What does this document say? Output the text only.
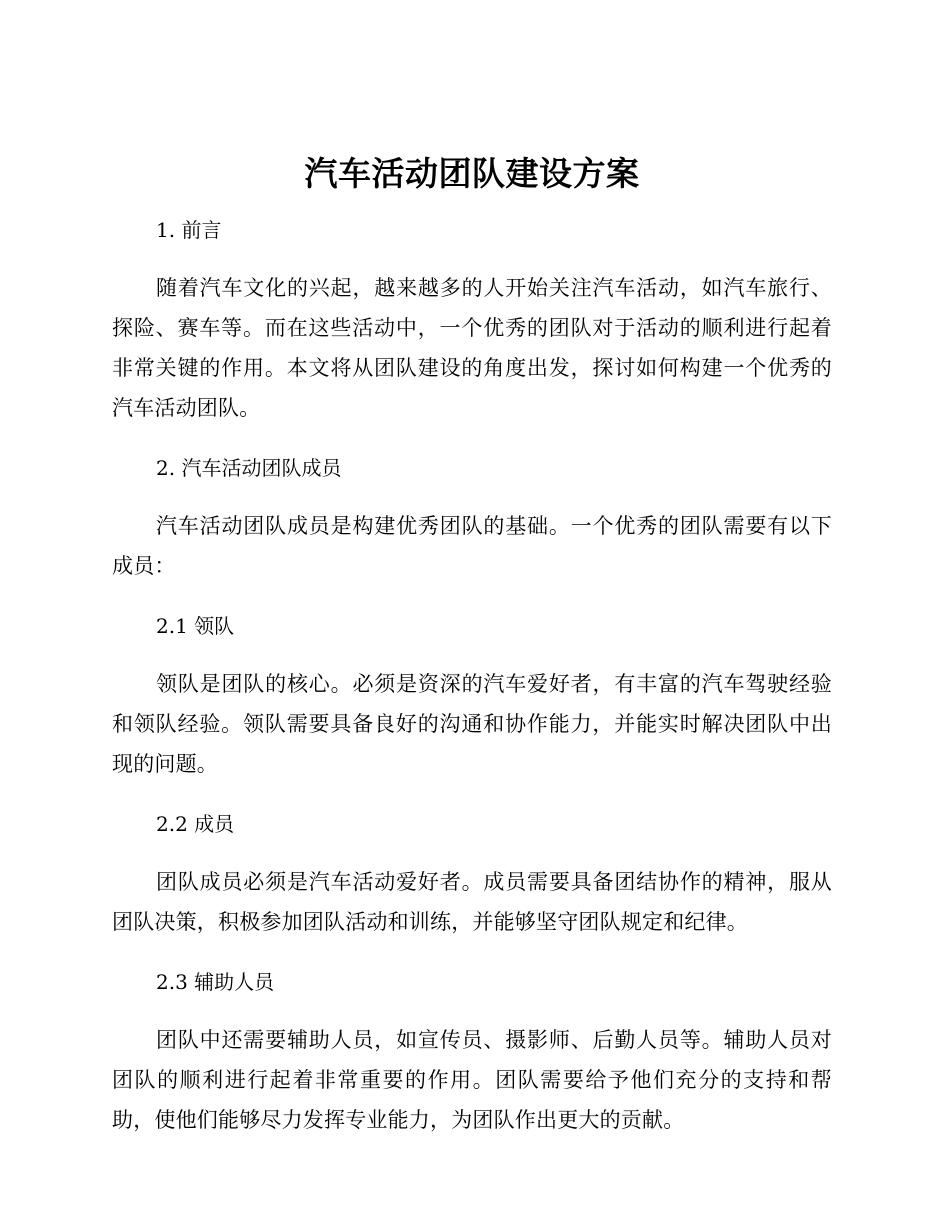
汽车活动团队建设方案
1. 前言

随着汽车文化的兴起，越来越多的人开始关注汽车活动，如汽车旅行、探险、赛车等。而在这些活动中，一个优秀的团队对于活动的顺利进行起着非常关键的作用。本文将从团队建设的角度出发，探讨如何构建一个优秀的汽车活动团队。

2. 汽车活动团队成员

汽车活动团队成员是构建优秀团队的基础。一个优秀的团队需要有以下成员：

2.1 领队

领队是团队的核心。必须是资深的汽车爱好者，有丰富的汽车驾驶经验和领队经验。领队需要具备良好的沟通和协作能力，并能实时解决团队中出现的问题。

2.2 成员

团队成员必须是汽车活动爱好者。成员需要具备团结协作的精神，服从团队决策，积极参加团队活动和训练，并能够坚守团队规定和纪律。

2.3 辅助人员

团队中还需要辅助人员，如宣传员、摄影师、后勤人员等。辅助人员对团队的顺利进行起着非常重要的作用。团队需要给予他们充分的支持和帮助，使他们能够尽力发挥专业能力，为团队作出更大的贡献。
